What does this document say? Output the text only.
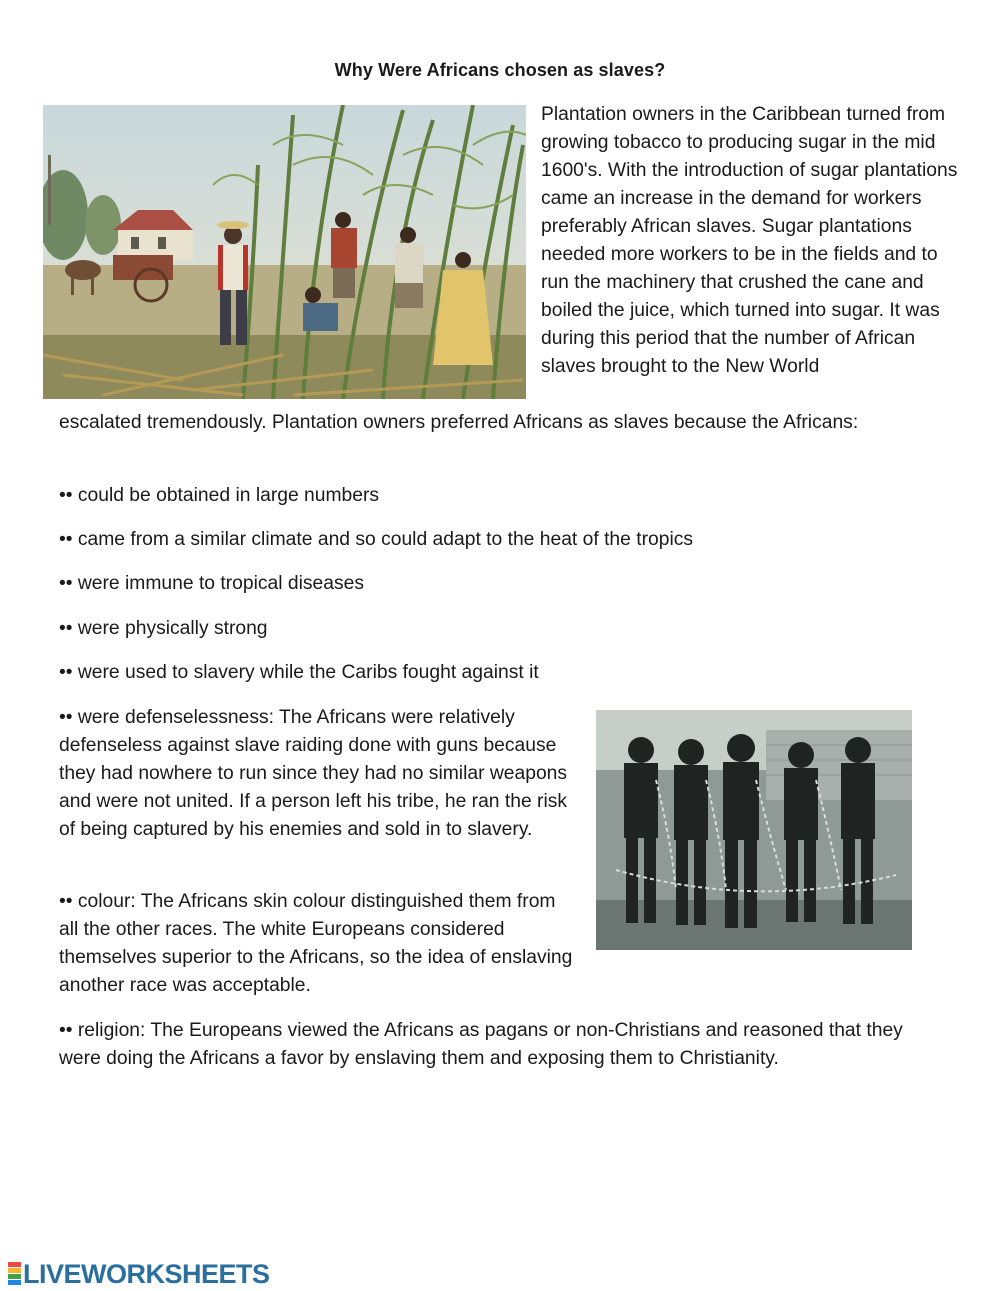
Why Were Africans chosen as slaves?

Plantation owners in the Caribbean turned from growing tobacco to producing sugar in the mid 1600's. With the introduction of sugar plantations came an increase in the demand for workers preferably African slaves. Sugar plantations needed more workers to be in the fields and to run the machinery that crushed the cane and boiled the juice, which turned into sugar. It was during this period that the number of African slaves brought to the New World

escalated tremendously. Plantation owners preferred Africans as slaves because the Africans:

•• could be obtained in large numbers

•• came from a similar climate and so could adapt to the heat of the tropics

•• were immune to tropical diseases

•• were physically strong

•• were used to slavery while the Caribs fought against it

•• were defenselessness: The Africans were relatively defenseless against slave raiding done with guns because they had nowhere to run since they had no similar weapons and were not united. If a person left his tribe, he ran the risk of being captured by his enemies and sold in to slavery.

•• colour: The Africans skin colour distinguished them from all the other races. The white Europeans considered themselves superior to the Africans, so the idea of enslaving another race was acceptable.

•• religion: The Europeans viewed the Africans as pagans or non-Christians and reasoned that they were doing the Africans a favor by enslaving them and exposing them to Christianity.

LIVEWORKSHEETS
